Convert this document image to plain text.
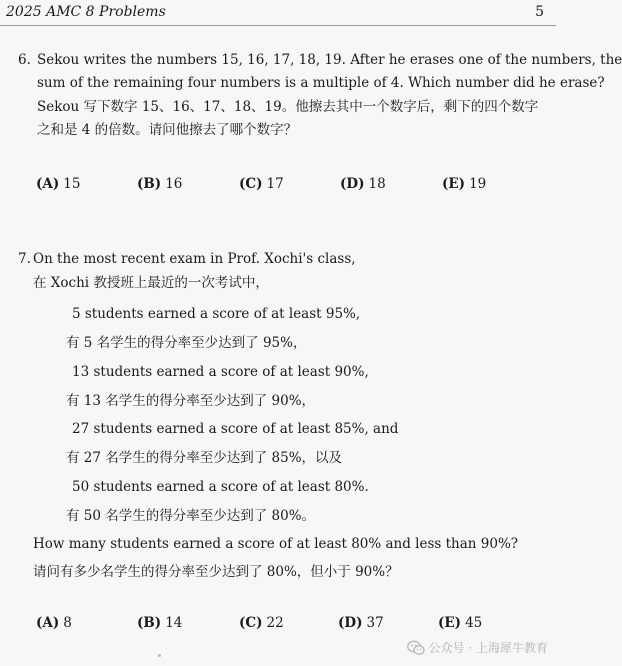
2025 AMC 8 Problems	5
6. Sekou writes the numbers 15, 16, 17, 18, 19. After he erases one of the numbers, the
sum of the remaining four numbers is a multiple of 4. Which number did he erase?
Sekou 写下数字 15、16、17、18、19。他擦去其中一个数字后，剩下的四个数字
之和是 4 的倍数。请问他擦去了哪个数字？
(A) 15	(B) 16	(C) 17	(D) 18	(E) 19
7. On the most recent exam in Prof. Xochi's class,
在 Xochi 教授班上最近的一次考试中，
5 students earned a score of at least 95%,
有 5 名学生的得分率至少达到了 95%，
13 students earned a score of at least 90%,
有 13 名学生的得分率至少达到了 90%，
27 students earned a score of at least 85%, and
有 27 名学生的得分率至少达到了 85%，以及
50 students earned a score of at least 80%.
有 50 名学生的得分率至少达到了 80%。
How many students earned a score of at least 80% and less than 90%?
请问有多少名学生的得分率至少达到了 80%，但小于 90%？
(A) 8	(B) 14	(C) 22	(D) 37	(E) 45
公众号 · 上海犀牛教育
